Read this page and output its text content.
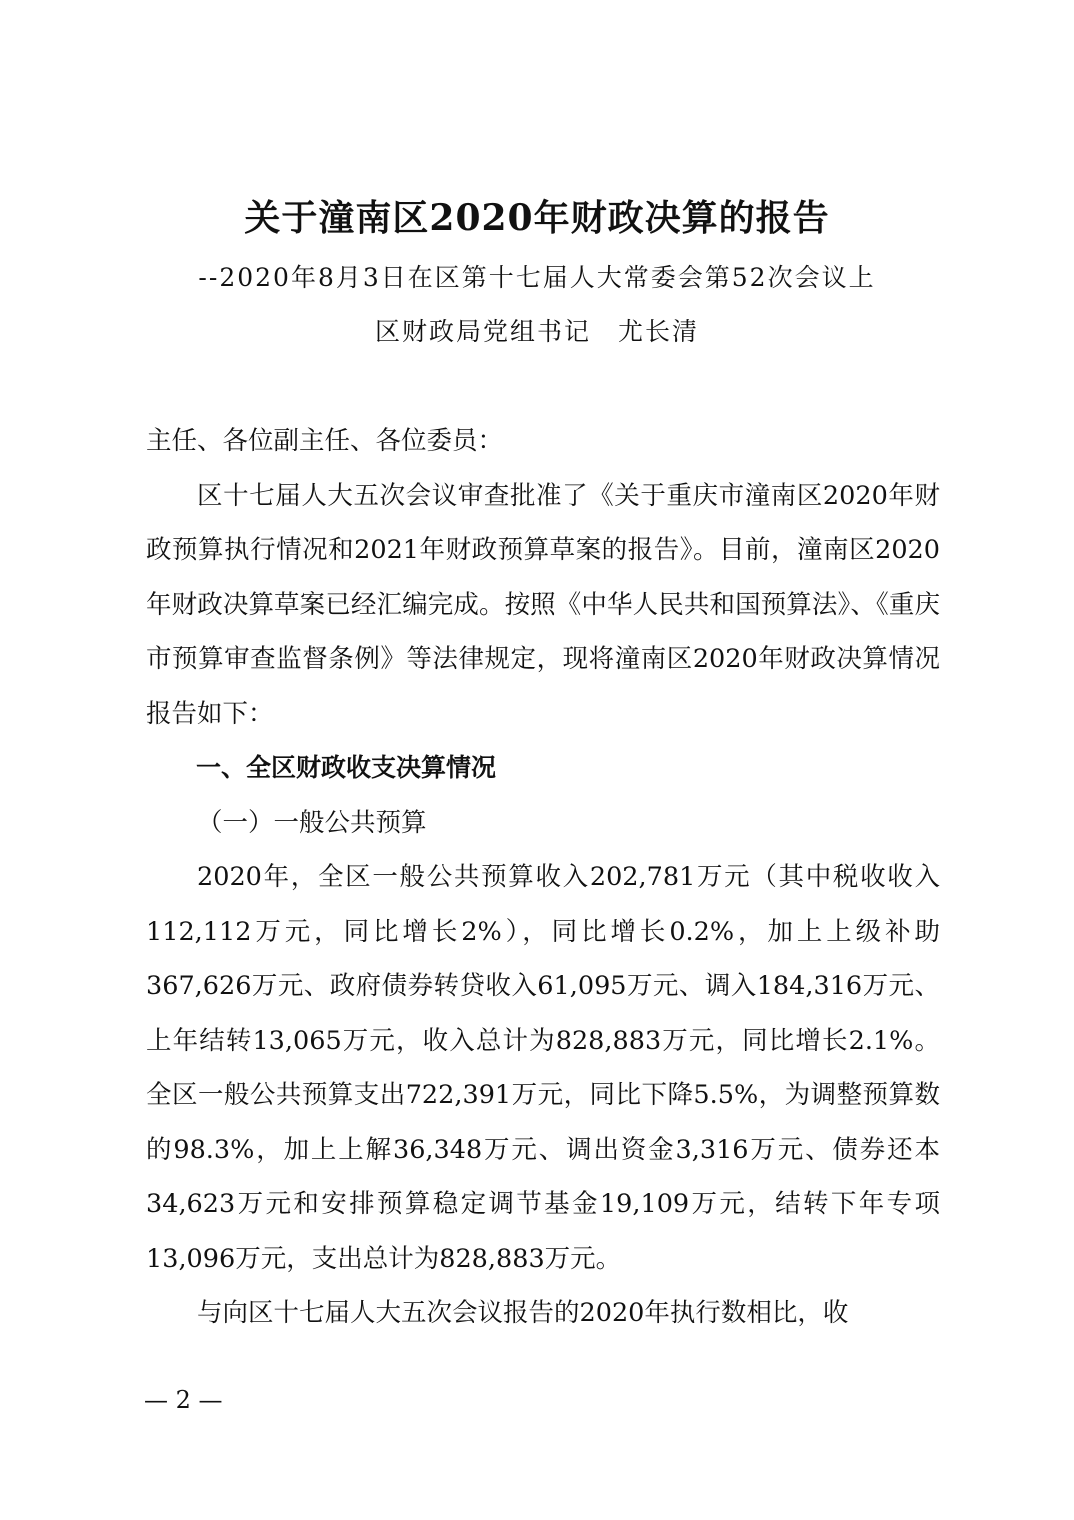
关于潼南区2020年财政决算的报告
--2020年8月3日在区第十七届人大常委会第52次会议上
区财政局党组书记　尤长清

主任、各位副主任、各位委员：

区十七届人大五次会议审查批准了《关于重庆市潼南区2020年财政预算执行情况和2021年财政预算草案的报告》。目前，潼南区2020年财政决算草案已经汇编完成。按照《中华人民共和国预算法》、《重庆市预算审查监督条例》等法律规定，现将潼南区2020年财政决算情况报告如下：

一、全区财政收支决算情况

（一）一般公共预算

2020年，全区一般公共预算收入202,781万元（其中税收收入112,112万元，同比增长2%），同比增长0.2%，加上上级补助367,626万元、政府债券转贷收入61,095万元、调入184,316万元、上年结转13,065万元，收入总计为828,883万元，同比增长2.1%。全区一般公共预算支出722,391万元，同比下降5.5%，为调整预算数的98.3%，加上上解36,348万元、调出资金3,316万元、债券还本34,623万元和安排预算稳定调节基金19,109万元，结转下年专项13,096万元，支出总计为828,883万元。

与向区十七届人大五次会议报告的2020年执行数相比，收

— 2 —
